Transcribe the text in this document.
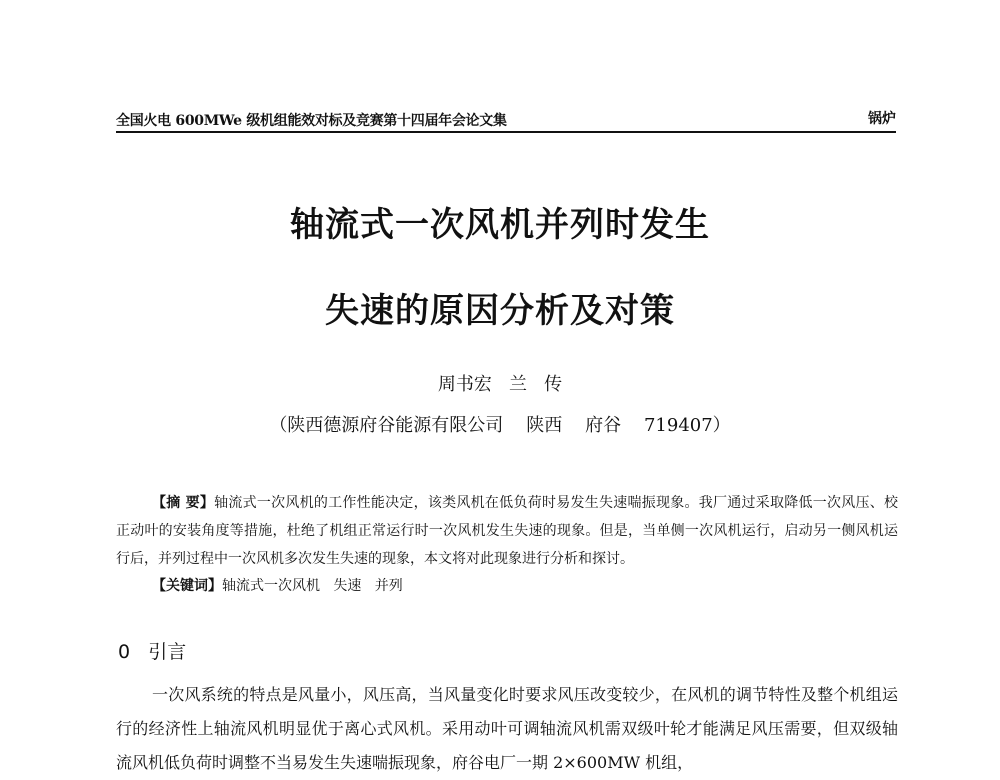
全国火电 600MWe 级机组能效对标及竞赛第十四届年会论文集	锅炉
轴流式一次风机并列时发生
失速的原因分析及对策
周书宏   兰   传
（陕西德源府谷能源有限公司    陕西    府谷    719407）

【摘 要】轴流式一次风机的工作性能决定，该类风机在低负荷时易发生失速喘振现象。我厂通过采取降低一次风压、校正动叶的安装角度等措施，杜绝了机组正常运行时一次风机发生失速的现象。但是，当单侧一次风机运行，启动另一侧风机运行后，并列过程中一次风机多次发生失速的现象，本文将对此现象进行分析和探讨。

【关键词】轴流式一次风机   失速   并列
0   引言

一次风系统的特点是风量小，风压高，当风量变化时要求风压改变较少，在风机的调节特性及整个机组运行的经济性上轴流风机明显优于离心式风机。采用动叶可调轴流风机需双级叶轮才能满足风压需要，但双级轴流风机低负荷时调整不当易发生失速喘振现象，府谷电厂一期 2×600MW 机组，
